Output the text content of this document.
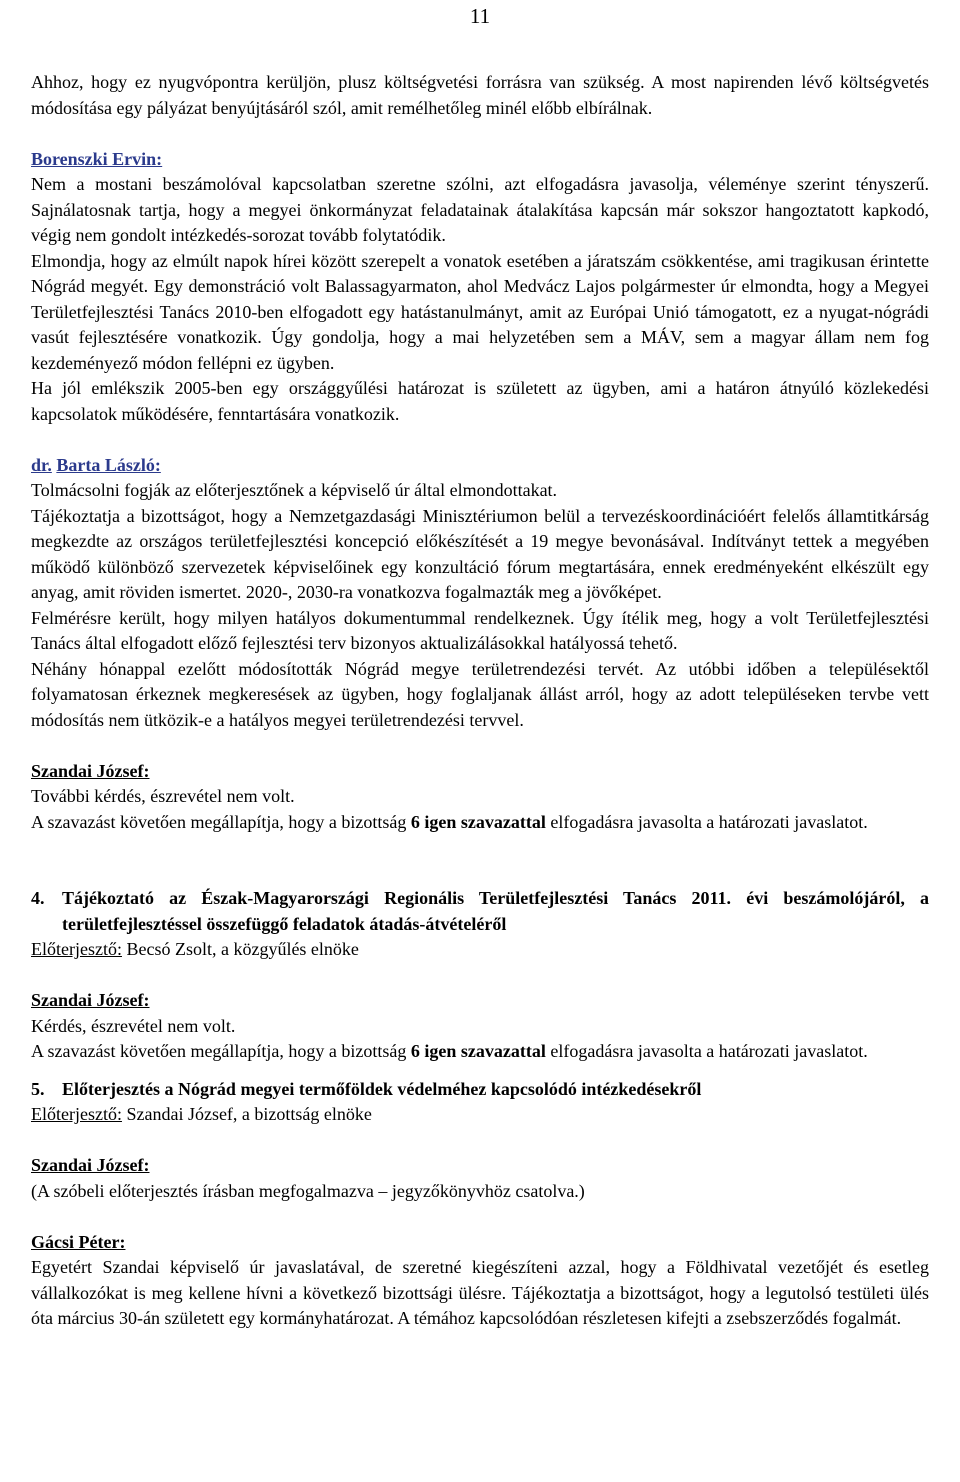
11

Ahhoz, hogy ez nyugvópontra kerüljön, plusz költségvetési forrásra van szükség. A most napirenden lévő költségvetés módosítása egy pályázat benyújtásáról szól, amit remélhetőleg minél előbb elbírálnak.

Borenszki Ervin:

Nem a mostani beszámolóval kapcsolatban szeretne szólni, azt elfogadásra javasolja, véleménye szerint tényszerű. Sajnálatosnak tartja, hogy a megyei önkormányzat feladatainak átalakítása kapcsán már sokszor hangoztatott kapkodó, végig nem gondolt intézkedés-sorozat tovább folytatódik.

Elmondja, hogy az elmúlt napok hírei között szerepelt a vonatok esetében a járatszám csökkentése, ami tragikusan érintette Nógrád megyét. Egy demonstráció volt Balassagyarmaton, ahol Medvácz Lajos polgármester úr elmondta, hogy a Megyei Területfejlesztési Tanács 2010-ben elfogadott egy hatástanulmányt, amit az Európai Unió támogatott, ez a nyugat-nógrádi vasút fejlesztésére vonatkozik. Úgy gondolja, hogy a mai helyzetében sem a MÁV, sem a magyar állam nem fog kezdeményező módon fellépni ez ügyben.

Ha jól emlékszik 2005-ben egy országgyűlési határozat is született az ügyben, ami a határon átnyúló közlekedési kapcsolatok működésére, fenntartására vonatkozik.

dr. Barta László:

Tolmácsolni fogják az előterjesztőnek a képviselő úr által elmondottakat.

Tájékoztatja a bizottságot, hogy a Nemzetgazdasági Minisztériumon belül a tervezéskoordinációért felelős államtitkárság megkezdte az országos területfejlesztési koncepció előkészítését a 19 megye bevonásával. Indítványt tettek a megyében működő különböző szervezetek képviselőinek egy konzultáció fórum megtartására, ennek eredményeként elkészült egy anyag, amit röviden ismertet. 2020-, 2030-ra vonatkozva fogalmazták meg a jövőképet.

Felmérésre került, hogy milyen hatályos dokumentummal rendelkeznek. Úgy ítélik meg, hogy a volt Területfejlesztési Tanács által elfogadott előző fejlesztési terv bizonyos aktualizálásokkal hatályossá tehető.

Néhány hónappal ezelőtt módosították Nógrád megye területrendezési tervét. Az utóbbi időben a településektől folyamatosan érkeznek megkeresések az ügyben, hogy foglaljanak állást arról, hogy az adott településeken tervbe vett módosítás nem ütközik-e a hatályos megyei területrendezési tervvel.

Szandai József:

További kérdés, észrevétel nem volt.

A szavazást követően megállapítja, hogy a bizottság 6 igen szavazattal elfogadásra javasolta a határozati javaslatot.

4. Tájékoztató az Észak-Magyarországi Regionális Területfejlesztési Tanács 2011. évi beszámolójáról, a területfejlesztéssel összefüggő feladatok átadás-átvételéről

Előterjesztő: Becsó Zsolt, a közgyűlés elnöke

Szandai József:

Kérdés, észrevétel nem volt.

A szavazást követően megállapítja, hogy a bizottság 6 igen szavazattal elfogadásra javasolta a határozati javaslatot.

5. Előterjesztés a Nógrád megyei termőföldek védelméhez kapcsolódó intézkedésekről

Előterjesztő: Szandai József, a bizottság elnöke

Szandai József:

(A szóbeli előterjesztés írásban megfogalmazva – jegyzőkönyvhöz csatolva.)

Gácsi Péter:

Egyetért Szandai képviselő úr javaslatával, de szeretné kiegészíteni azzal, hogy a Földhivatal vezetőjét és esetleg vállalkozókat is meg kellene hívni a következő bizottsági ülésre. Tájékoztatja a bizottságot, hogy a legutolsó testületi ülés óta március 30-án született egy kormányhatározat. A témához kapcsolódóan részletesen kifejti a zsebszerződés fogalmát.
